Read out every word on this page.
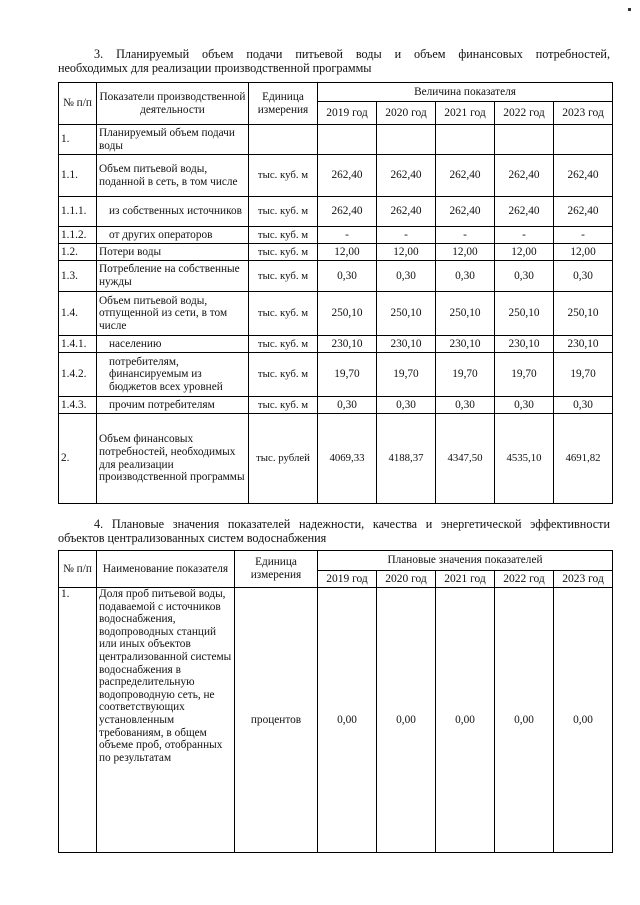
3. Планируемый объем подачи питьевой воды и объем финансовых потребностей,
необходимых для реализации производственной программы
№ п/п	Показатели производственной деятельности	Единица измерения	Величина показателя				
			2019 год	2020 год	2021 год	2022 год	2023 год
1.	Планируемый объем подачи воды						
1.1.	Объем питьевой воды, поданной в сеть, в том числе	тыс. куб. м	262,40	262,40	262,40	262,40	262,40
1.1.1.	из собственных источников	тыс. куб. м	262,40	262,40	262,40	262,40	262,40
1.1.2.	от других операторов	тыс. куб. м	-	-	-	-	-
1.2.	Потери воды	тыс. куб. м	12,00	12,00	12,00	12,00	12,00
1.3.	Потребление на собственные нужды	тыс. куб. м	0,30	0,30	0,30	0,30	0,30
1.4.	Объем питьевой воды, отпущенной из сети, в том числе	тыс. куб. м	250,10	250,10	250,10	250,10	250,10
1.4.1.	населению	тыс. куб. м	230,10	230,10	230,10	230,10	230,10
1.4.2.	потребителям, финансируемым из бюджетов всех уровней	тыс. куб. м	19,70	19,70	19,70	19,70	19,70
1.4.3.	прочим потребителям	тыс. куб. м	0,30	0,30	0,30	0,30	0,30
2.	Объем финансовых потребностей, необходимых для реализации производственной программы	тыс. рублей	4069,33	4188,37	4347,50	4535,10	4691,82
4. Плановые значения показателей надежности, качества и энергетической эффективности
объектов централизованных систем водоснабжения
№ п/п	Наименование показателя	Единица измерения	Плановые значения показателей				
			2019 год	2020 год	2021 год	2022 год	2023 год
1.	Доля проб питьевой воды, подаваемой с источников водоснабжения, водопроводных станций или иных объектов централизованной системы водоснабжения в распределительную водопроводную сеть, не соответствующих установленным требованиям, в общем объеме проб, отобранных по результатам	процентов	0,00	0,00	0,00	0,00	0,00
